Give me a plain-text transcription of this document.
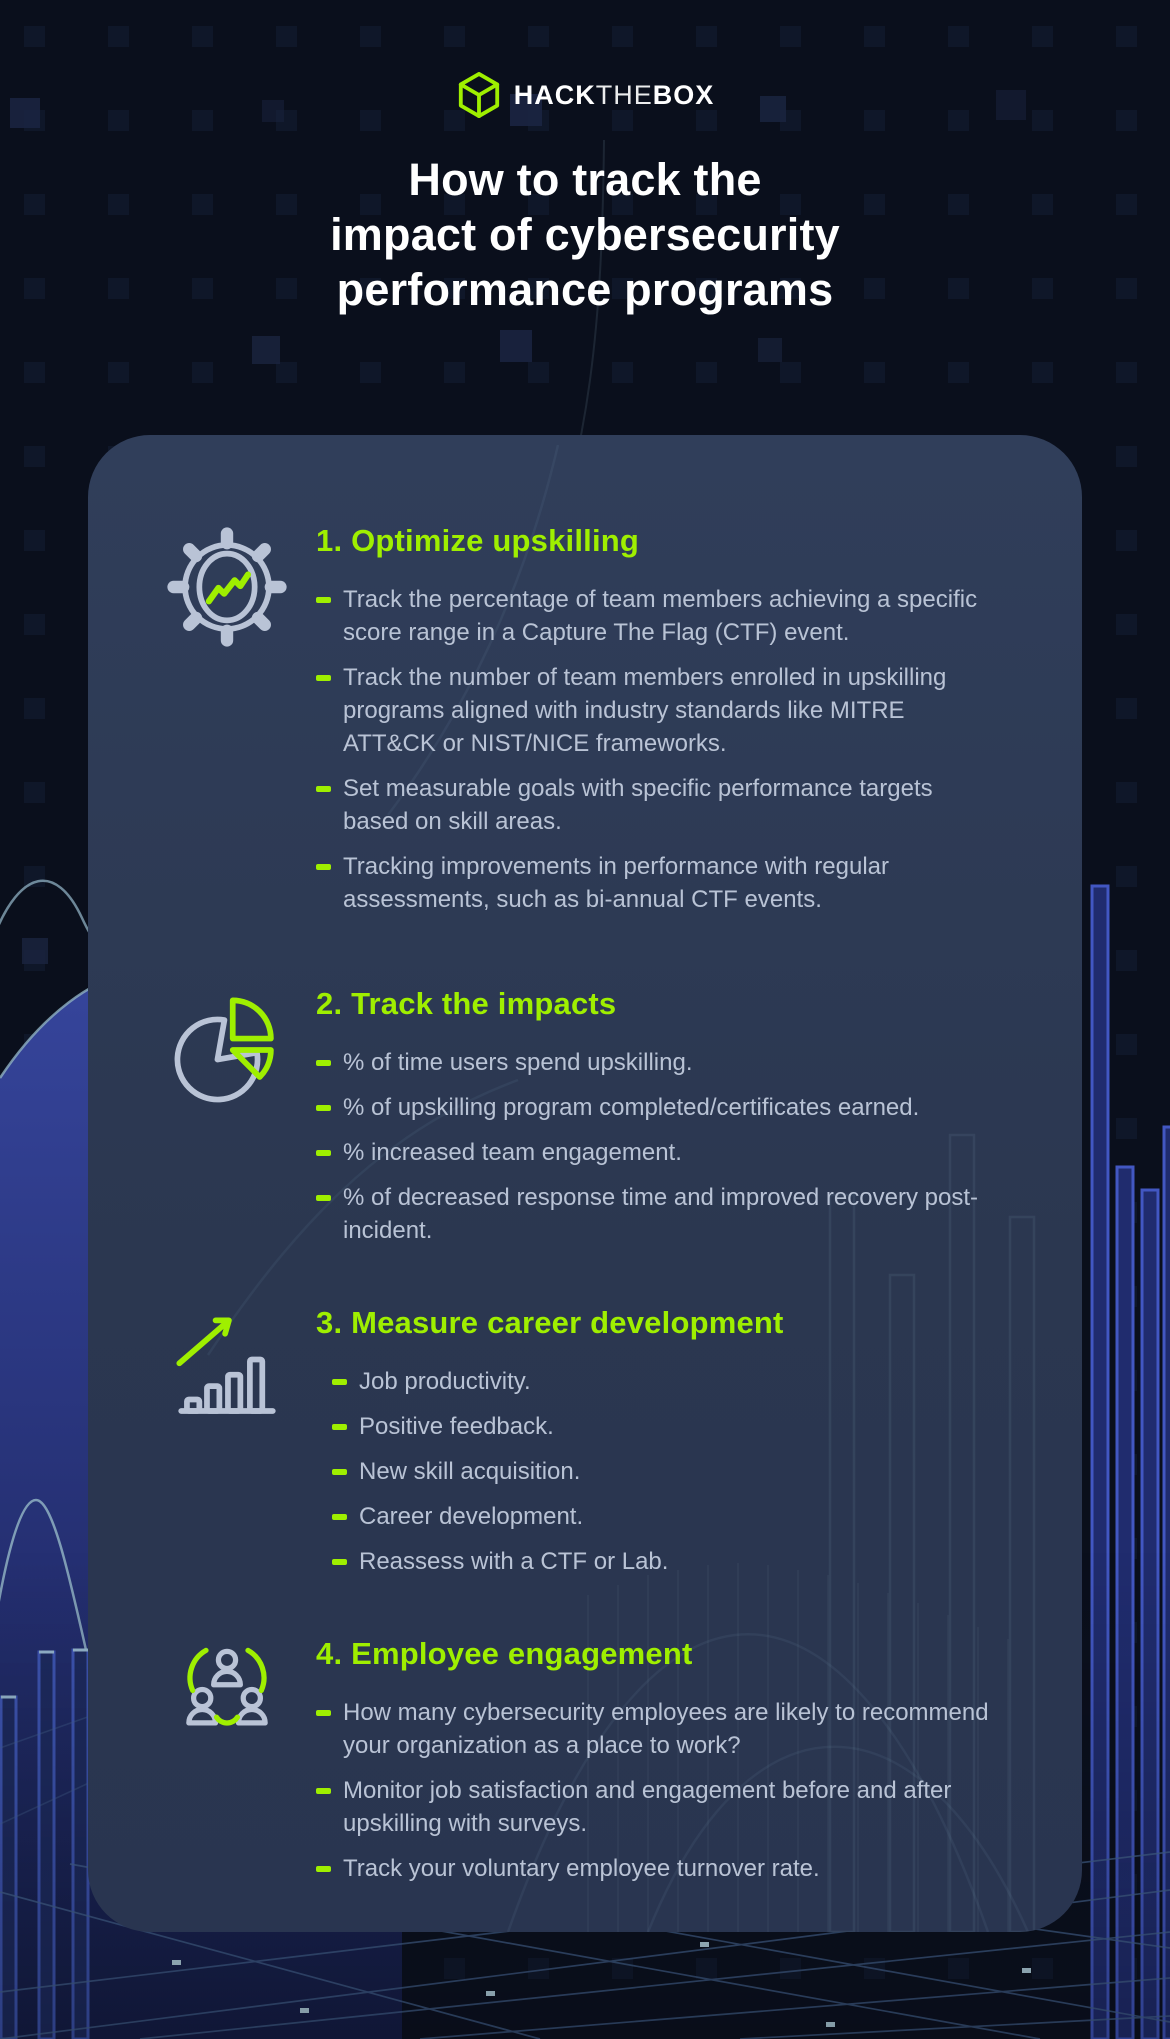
HACK THE BOX
How to track the
impact of cybersecurity
performance programs
1. Optimize upskilling
Track the percentage of team members achieving a specific score range in a Capture The Flag (CTF) event.
Track the number of team members enrolled in upskilling programs aligned with industry standards like MITRE ATT&CK or NIST/NICE frameworks.
Set measurable goals with specific performance targets based on skill areas.
Tracking improvements in performance with regular assessments, such as bi-annual CTF events.
2. Track the impacts
% of time users spend upskilling.
% of upskilling program completed/certificates earned.
% increased team engagement.
% of decreased response time and improved recovery post-incident.
3. Measure career development
Job productivity.
Positive feedback.
New skill acquisition.
Career development.
Reassess with a CTF or Lab.
4. Employee engagement
How many cybersecurity employees are likely to recommend your organization as a place to work?
Monitor job satisfaction and engagement before and after upskilling with surveys.
Track your voluntary employee turnover rate.
